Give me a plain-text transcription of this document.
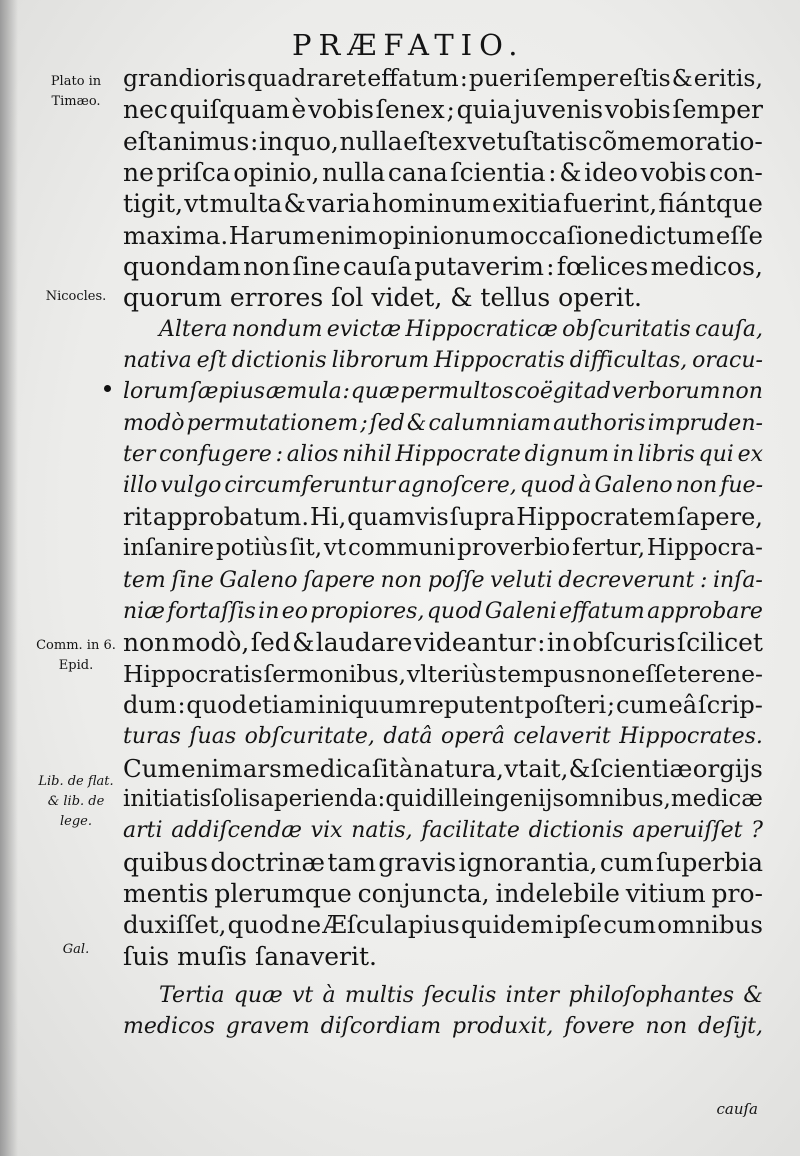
PRÆFATIO.
Plato in Timæo.
Nicocles.
Comm. in 6. Epid.
Lib. de flat. & lib. de lege.
Gal.
grandioris quadraret effatum : pueri ſemper eſtis & eritis,
nec quiſquam è vobis ſenex ; quia juvenis vobis ſemper
eſt animus : in quo, nulla eſt ex vetuſtatis cõmemoratio-
ne priſca opinio, nulla cana ſcientia : & ideo vobis con-
tigit, vt multa & varia hominum exitia fuerint, fiántque
maxima. Harum enim opinionum occaſione dictum eſſe
quondam non ſine cauſa putaverim : fœlices medicos,
quorum errores ſol videt, & tellus operit.
Altera nondum evictæ Hippocraticæ obſcuritatis cauſa,
nativa eſt dictionis librorum Hippocratis difficultas, oracu-
lorum ſæpius æmula : quæ permultos coëgit ad verborum non
modò permutationem ; ſed & calumniam authoris impruden-
ter confugere : alios nihil Hippocrate dignum in libris qui ex
illo vulgo circumferuntur agnoſcere, quod à Galeno non fue-
rit approbatum. Hi, quamvis ſupra Hippocratem ſapere,
inſanire potiùs ſit, vt communi proverbio fertur, Hippocra-
tem ſine Galeno ſapere non poſſe veluti decreverunt : inſa-
niæ fortaſſis in eo propiores, quod Galeni effatum approbare
non modò, ſed & laudare videantur : in obſcuris ſcilicet
Hippocratis ſermonibus, vlteriùs tempus non eſſe terene-
dum : quod etiam iniquum reputent poſteri ; cum eâ ſcrip-
turas ſuas obſcuritate, datâ operâ celaverit Hippocrates.
Cum enim ars medica ſit à natura, vt ait, & ſcientiæ orgijs
initiatis ſolis aperienda : quid ille ingenijs omnibus, medicæ
arti addiſcendæ vix natis, facilitate dictionis aperuiſſet ?
quibus doctrinæ tam gravis ignorantia, cum ſuperbia
mentis plerumque conjuncta, indelebile vitium pro-
duxiſſet, quod ne Æſculapius quidem ipſe cum omnibus
ſuis muſis ſanaverit.
Tertia quæ vt à multis ſeculis inter philoſophantes &
medicos gravem diſcordiam produxit, fovere non deſijt,
cauſa
